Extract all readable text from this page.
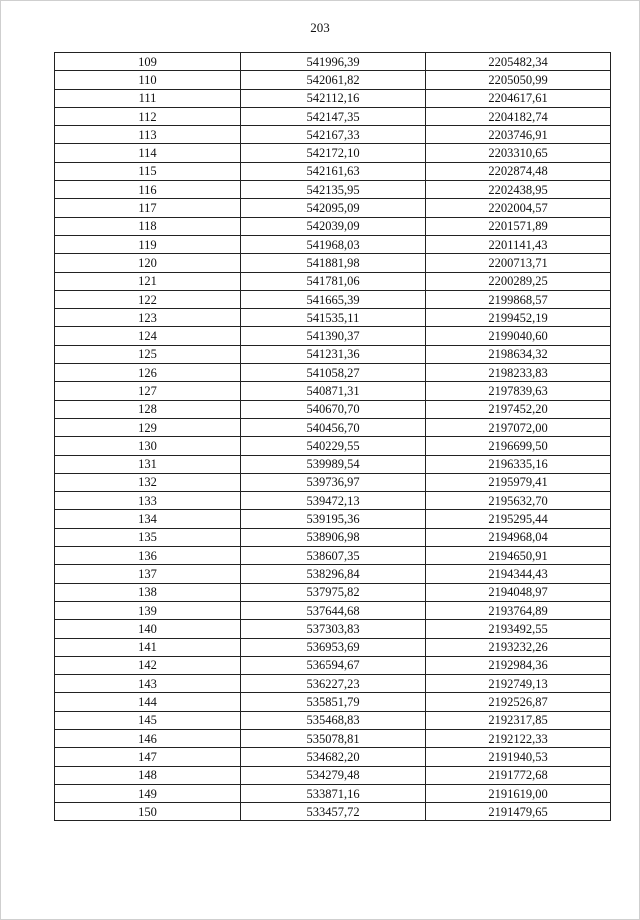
203
109	541996,39	2205482,34
110	542061,82	2205050,99
111	542112,16	2204617,61
112	542147,35	2204182,74
113	542167,33	2203746,91
114	542172,10	2203310,65
115	542161,63	2202874,48
116	542135,95	2202438,95
117	542095,09	2202004,57
118	542039,09	2201571,89
119	541968,03	2201141,43
120	541881,98	2200713,71
121	541781,06	2200289,25
122	541665,39	2199868,57
123	541535,11	2199452,19
124	541390,37	2199040,60
125	541231,36	2198634,32
126	541058,27	2198233,83
127	540871,31	2197839,63
128	540670,70	2197452,20
129	540456,70	2197072,00
130	540229,55	2196699,50
131	539989,54	2196335,16
132	539736,97	2195979,41
133	539472,13	2195632,70
134	539195,36	2195295,44
135	538906,98	2194968,04
136	538607,35	2194650,91
137	538296,84	2194344,43
138	537975,82	2194048,97
139	537644,68	2193764,89
140	537303,83	2193492,55
141	536953,69	2193232,26
142	536594,67	2192984,36
143	536227,23	2192749,13
144	535851,79	2192526,87
145	535468,83	2192317,85
146	535078,81	2192122,33
147	534682,20	2191940,53
148	534279,48	2191772,68
149	533871,16	2191619,00
150	533457,72	2191479,65
